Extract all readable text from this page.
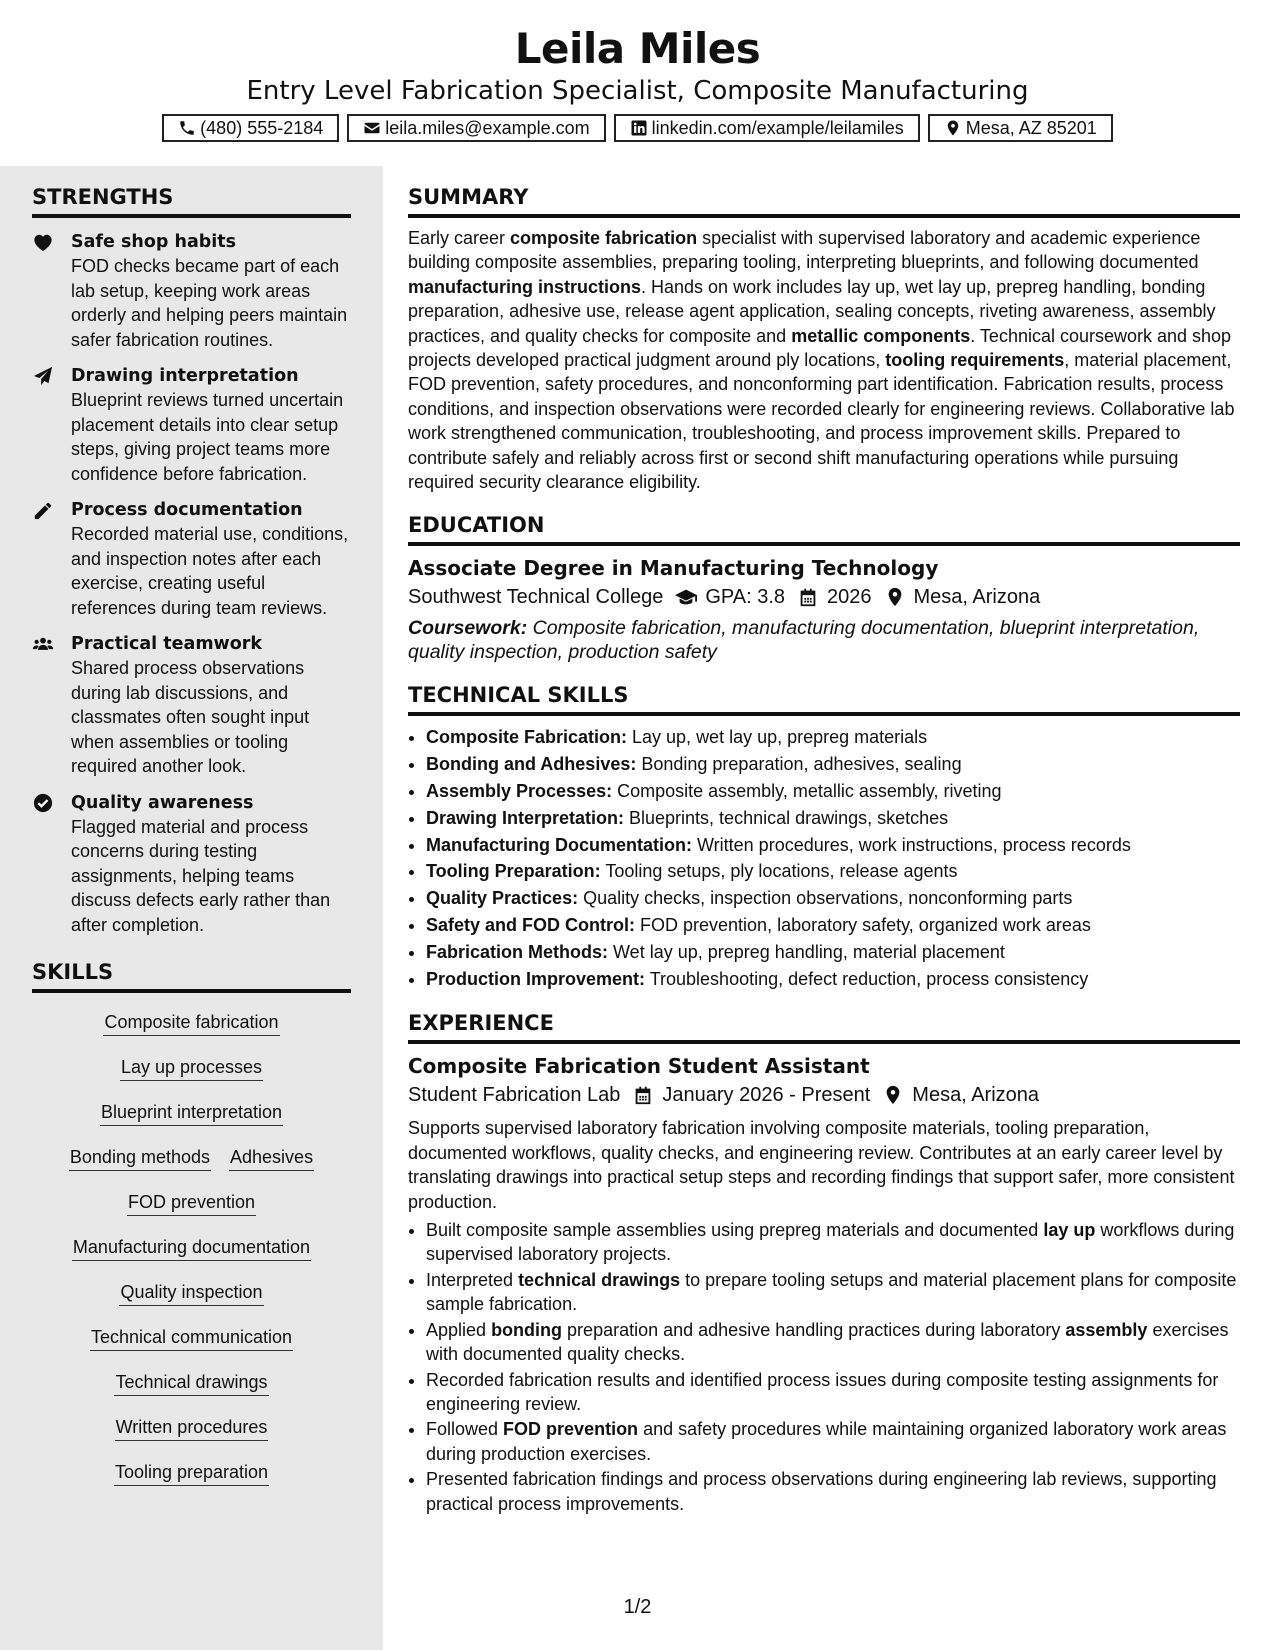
Leila Miles
Entry Level Fabrication Specialist, Composite Manufacturing
(480) 555-2184	leila.miles@example.com	linkedin.com/example/leilamiles	Mesa, AZ 85201
STRENGTHS
Safe shop habits
FOD checks became part of each lab setup, keeping work areas orderly and helping peers maintain safer fabrication routines.
Drawing interpretation
Blueprint reviews turned uncertain placement details into clear setup steps, giving project teams more confidence before fabrication.
Process documentation
Recorded material use, conditions, and inspection notes after each exercise, creating useful references during team reviews.
Practical teamwork
Shared process observations during lab discussions, and classmates often sought input when assemblies or tooling required another look.
Quality awareness
Flagged material and process concerns during testing assignments, helping teams discuss defects early rather than after completion.
SKILLS
Composite fabrication
Lay up processes
Blueprint interpretation
Bonding methods Adhesives
FOD prevention
Manufacturing documentation
Quality inspection
Technical communication
Technical drawings
Written procedures
Tooling preparation
SUMMARY

Early career composite fabrication specialist with supervised laboratory and academic experience building composite assemblies, preparing tooling, interpreting blueprints, and following documented manufacturing instructions. Hands on work includes lay up, wet lay up, prepreg handling, bonding preparation, adhesive use, release agent application, sealing concepts, riveting awareness, assembly practices, and quality checks for composite and metallic components. Technical coursework and shop projects developed practical judgment around ply locations, tooling requirements, material placement, FOD prevention, safety procedures, and nonconforming part identification. Fabrication results, process conditions, and inspection observations were recorded clearly for engineering reviews. Collaborative lab work strengthened communication, troubleshooting, and process improvement skills. Prepared to contribute safely and reliably across first or second shift manufacturing operations while pursuing required security clearance eligibility.

EDUCATION
Associate Degree in Manufacturing Technology
Southwest Technical College GPA: 3.8 2026 Mesa, Arizona
Coursework: Composite fabrication, manufacturing documentation, blueprint interpretation, quality inspection, production safety
TECHNICAL SKILLS
• Composite Fabrication: Lay up, wet lay up, prepreg materials
• Bonding and Adhesives: Bonding preparation, adhesives, sealing
• Assembly Processes: Composite assembly, metallic assembly, riveting
• Drawing Interpretation: Blueprints, technical drawings, sketches
• Manufacturing Documentation: Written procedures, work instructions, process records
• Tooling Preparation: Tooling setups, ply locations, release agents
• Quality Practices: Quality checks, inspection observations, nonconforming parts
• Safety and FOD Control: FOD prevention, laboratory safety, organized work areas
• Fabrication Methods: Wet lay up, prepreg handling, material placement
• Production Improvement: Troubleshooting, defect reduction, process consistency
EXPERIENCE
Composite Fabrication Student Assistant
Student Fabrication Lab January 2026 - Present Mesa, Arizona

Supports supervised laboratory fabrication involving composite materials, tooling preparation, documented workflows, quality checks, and engineering review. Contributes at an early career level by translating drawings into practical setup steps and recording findings that support safer, more consistent production.

• Built composite sample assemblies using prepreg materials and documented lay up workflows during supervised laboratory projects.
• Interpreted technical drawings to prepare tooling setups and material placement plans for composite sample fabrication.
• Applied bonding preparation and adhesive handling practices during laboratory assembly exercises with documented quality checks.
• Recorded fabrication results and identified process issues during composite testing assignments for engineering review.
• Followed FOD prevention and safety procedures while maintaining organized laboratory work areas during production exercises.
• Presented fabrication findings and process observations during engineering lab reviews, supporting practical process improvements.
1/2
